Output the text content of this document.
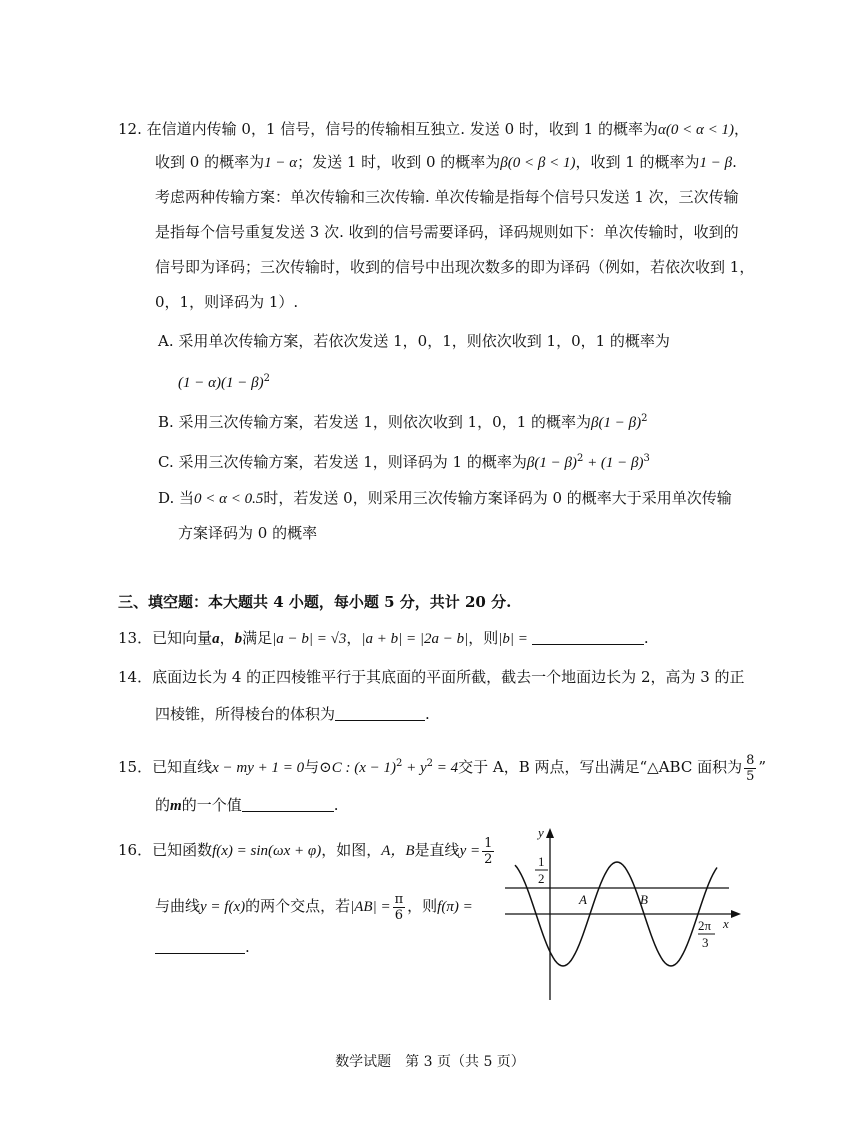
12. 在信道内传输 0，1 信号，信号的传输相互独立. 发送 0 时，收到 1 的概率为α(0 < α < 1)，
收到 0 的概率为1 − α；发送 1 时，收到 0 的概率为β(0 < β < 1)，收到 1 的概率为1 − β.
考虑两种传输方案：单次传输和三次传输. 单次传输是指每个信号只发送 1 次，三次传输
是指每个信号重复发送 3 次. 收到的信号需要译码，译码规则如下：单次传输时，收到的
信号即为译码；三次传输时，收到的信号中出现次数多的即为译码（例如，若依次收到 1，
0，1，则译码为 1）.
A. 采用单次传输方案，若依次发送 1，0，1，则依次收到 1，0，1 的概率为
$(1 - \alpha)(1 - \beta)^2$
B. 采用三次传输方案，若发送 1，则依次收到 1，0，1 的概率为$\beta(1 - \beta)^2$
C. 采用三次传输方案，若发送 1，则译码为 1 的概率为$\beta(1 - \beta)^2 + (1 - \beta)^3$
D. 当0 < α < 0.5时，若发送 0，则采用三次传输方案译码为 0 的概率大于采用单次传输
方案译码为 0 的概率
三、填空题：本大题共 4 小题，每小题 5 分，共计 20 分.
13．已知向量a，b满足|a − b| = √3，|a + b| = |2a − b|，则|b| =	.
14．底面边长为 4 的正四棱锥平行于其底面的平面所截，截去一个地面边长为 2，高为 3 的正
四棱锥，所得棱台的体积为	.
15．已知直线x − my + 1 = 0与⊙C : $(x - 1)^2 + y^2 = 4$交于 A，B 两点，写出满足“△ABC 面积为 $\frac{8}{5}$ ”
的m的一个值	.
16．已知函数f(x) = sin(ωx + φ)，如图，A，B是直线$y = \frac{1}{2}$
与曲线y = f(x)的两个交点，若$|AB| = \frac{\pi}{6}$ ，则f(π) =
.
y
x
1
2
A	B
2π
3
数学试题　第 3 页（共 5 页）
